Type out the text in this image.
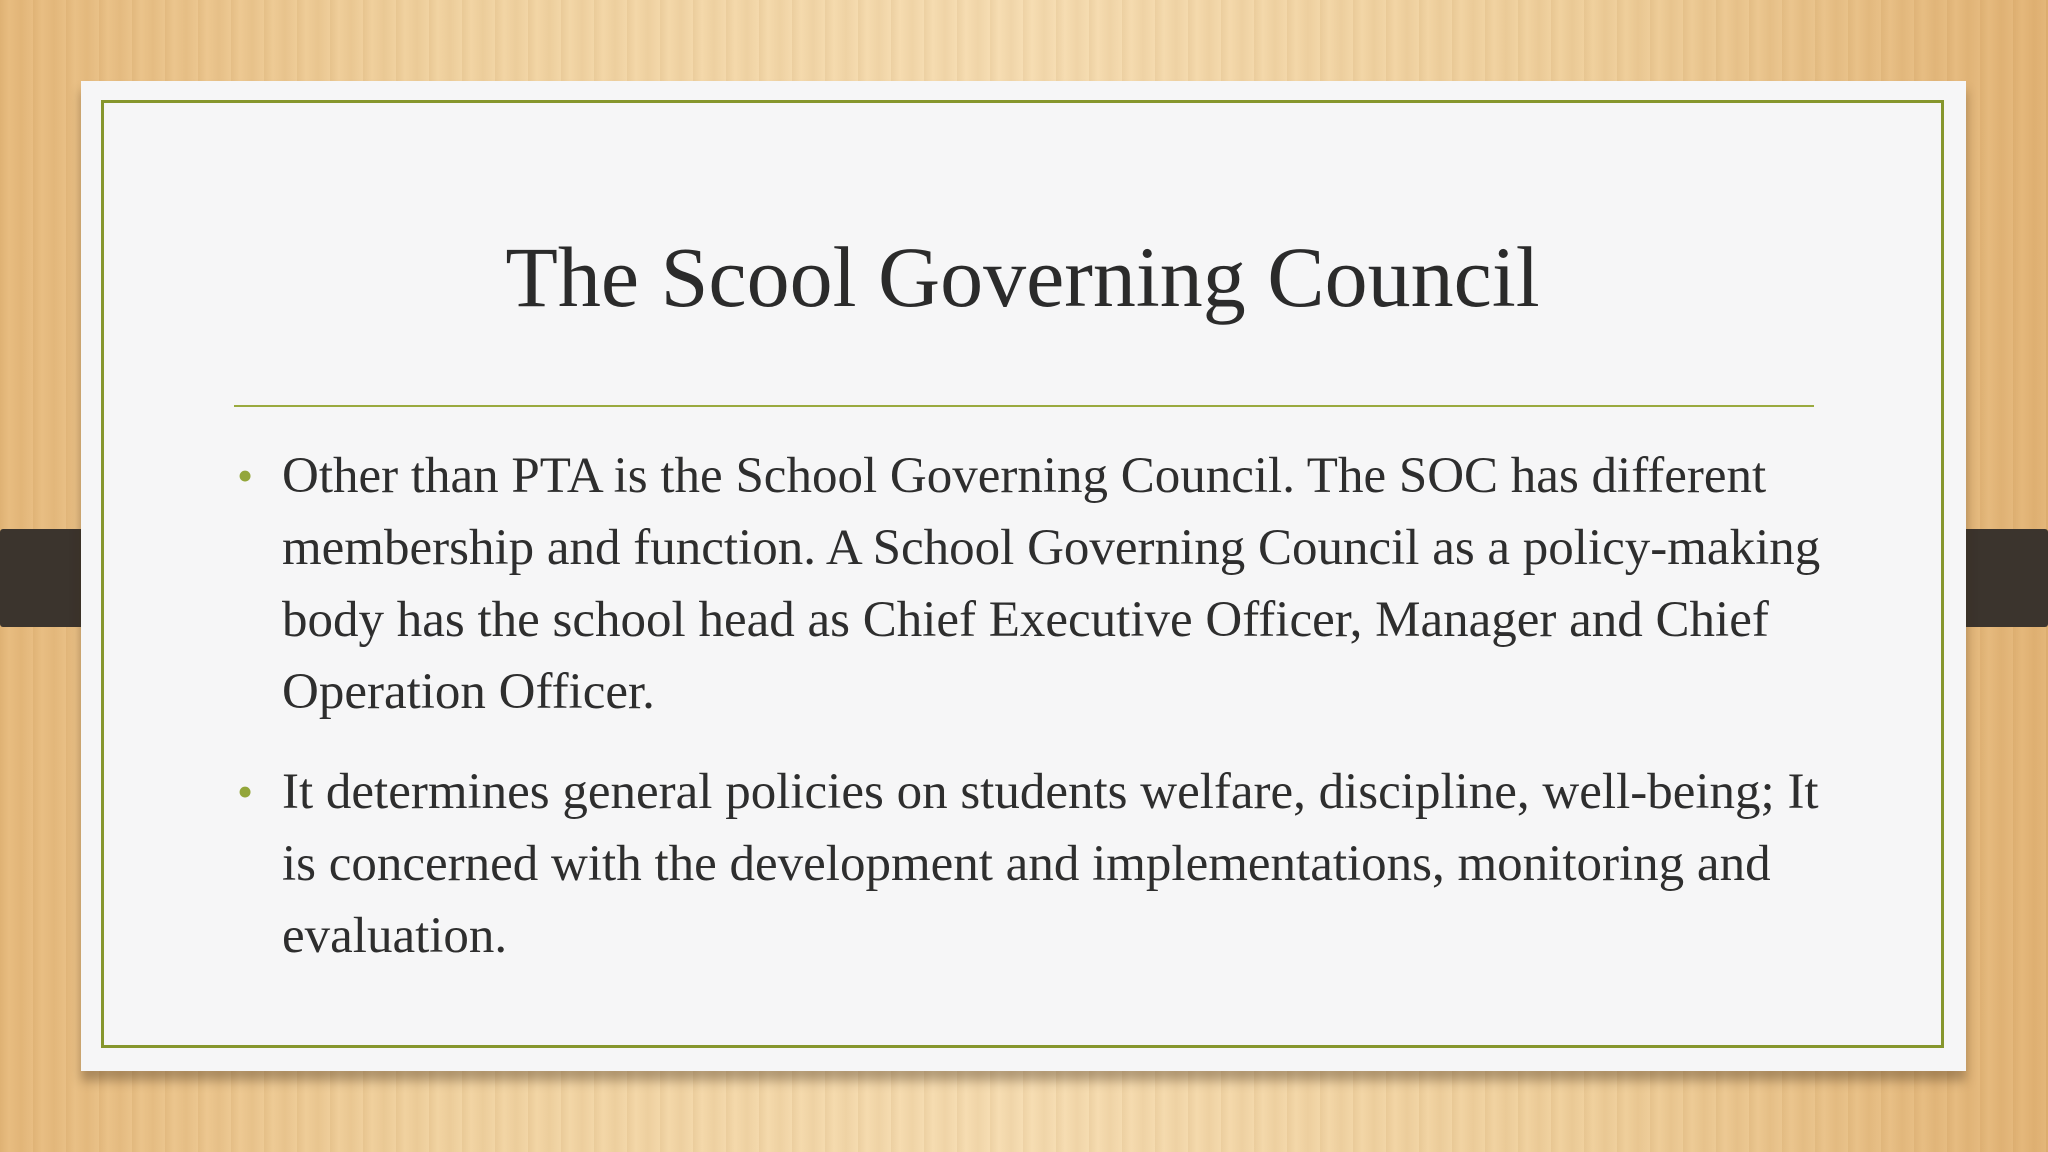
The Scool Governing Council
• Other than PTA is the School Governing Council. The SOC has different membership and function. A School Governing Council as a policy-making body has the school head as Chief Executive Officer, Manager and Chief Operation Officer.
• It determines general policies on students welfare, discipline, well-being; It is concerned with the development and implementations, monitoring and evaluation.
